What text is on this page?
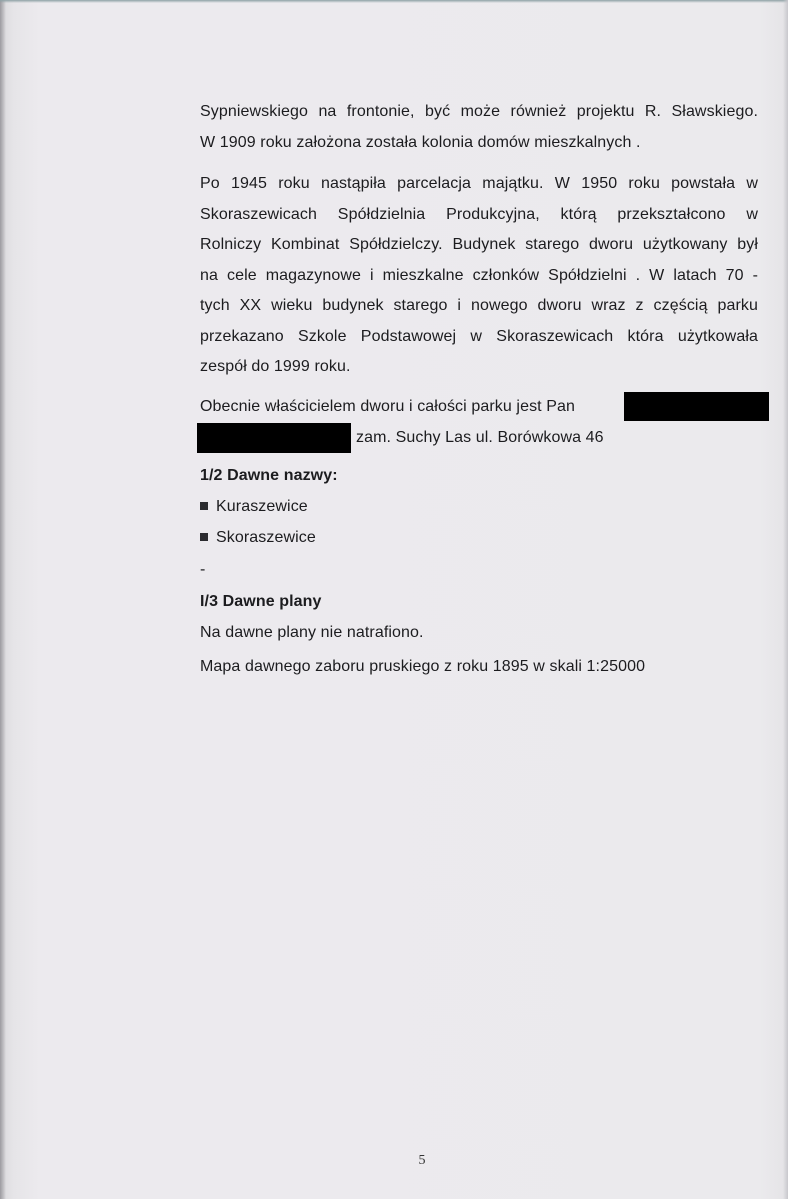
Sypniewskiego na frontonie, być może również projektu R. Sławskiego.
W 1909 roku założona została kolonia domów mieszkalnych .
Po 1945 roku nastąpiła parcelacja majątku. W 1950 roku powstała w
Skoraszewicach Spółdzielnia Produkcyjna, którą przekształcono w
Rolniczy Kombinat Spółdzielczy. Budynek starego dworu użytkowany był
na cele magazynowe i mieszkalne członków Spółdzielni . W latach 70 -
tych XX wieku budynek starego i nowego dworu wraz z częścią parku
przekazano Szkole Podstawowej w Skoraszewicach która użytkowała
zespół do 1999 roku.
Obecnie właścicielem dworu i całości parku jest Pan
zam. Suchy Las ul. Borówkowa 46
1/2 Dawne nazwy:
Kuraszewice
Skoraszewice
-
I/3 Dawne plany
Na dawne plany nie natrafiono.
Mapa dawnego zaboru pruskiego z roku 1895 w skali 1:25000
5
